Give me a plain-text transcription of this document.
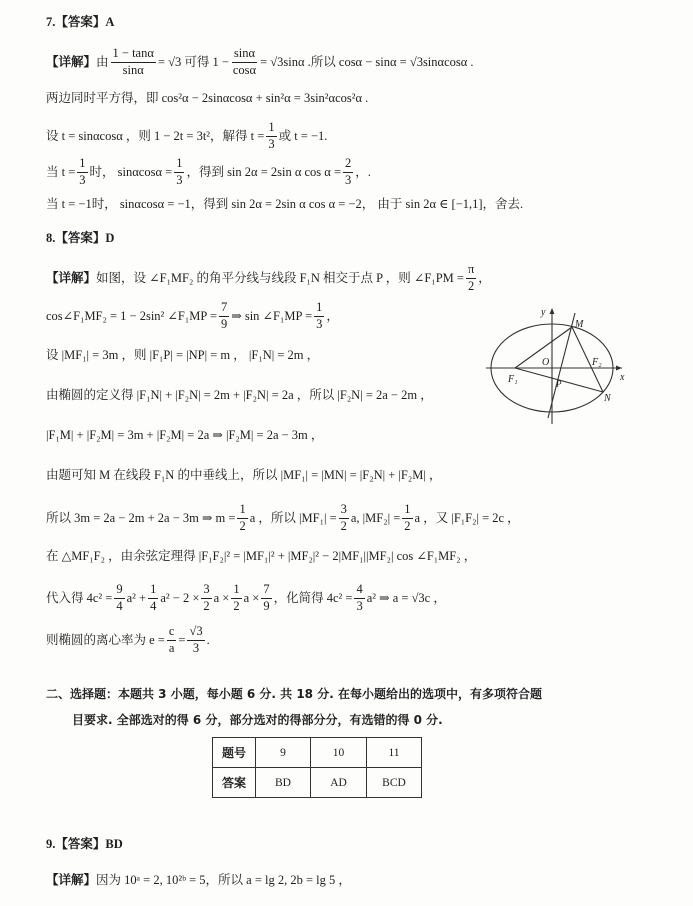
7.【答案】A
【详解】 由 $\frac{1 - \tan\alpha}{\sin\alpha} = √3$ 可得 $1 - \frac{\sin\alpha}{\cos\alpha} = √3\sin\alpha$ .所以 cosα − sinα = √3sinαcosα .
两边同时平方得，即 cos²α − 2sinαcosα + sin²α = 3sin²αcos²α .
设 t = sinαcosα ，则 1 − 2t = 3t²，解得 $t = \frac{1}{3}$ 或 t = −1.
当 $t = \frac{1}{3}$ 时， $\sin\alpha\cos\alpha = \frac{1}{3}$ ，得到 sin 2α = 2sin α $\cos \alpha = \frac{2}{3}$ ，.
当 t = −1时， sinαcosα = −1，得到 sin 2α = 2sin α cos α = −2， 由于 sin 2α ∈ [−1,1]，舍去.
8.【答案】D
【详解】 如图，设 ∠F₁MF₂ 的角平分线与线段 F₁N 相交于点 P ，则 ∠F₁PM = $\frac{\pi}{2}$ ，
cos∠F₁MF₂ = 1 − 2sin² ∠F₁MP = $\frac{7}{9}$ ⇒ sin ∠F₁MP = $\frac{1}{3}$ ，
设 |MF₁| = 3m ，则 |F₁P| = |NP| = m ， |F₁N| = 2m ，
由椭圆的定义得 |F₁N| + |F₂N| = 2m + |F₂N| = 2a ，所以 |F₂N| = 2a − 2m ，
|F₁M| + |F₂M| = 3m + |F₂M| = 2a ⇒ |F₂M| = 2a − 3m ，
由题可知 M 在线段 F₁N 的中垂线上，所以 |MF₁| = |MN| = |F₂N| + |F₂M| ，
所以 3m = 2a − 2m + 2a − 3m ⇒ $m = \frac{1}{2}$ a ，所以 $|MF_1| = \frac{3}{2} a$, $|MF_2| = \frac{1}{2}$ a ，又 |F₁F₂| = 2c ，
在 △MF₁F₂ ，由余弦定理得 |F₁F₂|² = |MF₁|² + |MF₂|² − 2|MF₁||MF₂| cos ∠F₁MF₂ ，
代入得 $4c^2 = \frac{9}{4} a^2 + \frac{1}{4} a^2 - 2 \times \frac{3}{2}$ $a \times \frac{1}{2}$ $a \times \frac{7}{9}$ ，化简得 $4c^2 = \frac{4}{3} a^2$ ⇒ a = √3c ，
则椭圆的离心率为 $e = \frac{c}{a} = \frac{√3}{3}$ .
y
x
M
O
F₁
F₂
P
N
二、选择题：本题共 3 小题，每小题 6 分. 共 18 分. 在每小题给出的选项中，有多项符合题
目要求. 全部选对的得 6 分，部分选对的得部分分，有选错的得 0 分.
题号	9	10	11
答案	BD	AD	BCD
9.【答案】BD
【详解】 因为 10ᵃ = 2, 10²ᵇ = 5，所以 a = lg 2, 2b = lg 5 ，
